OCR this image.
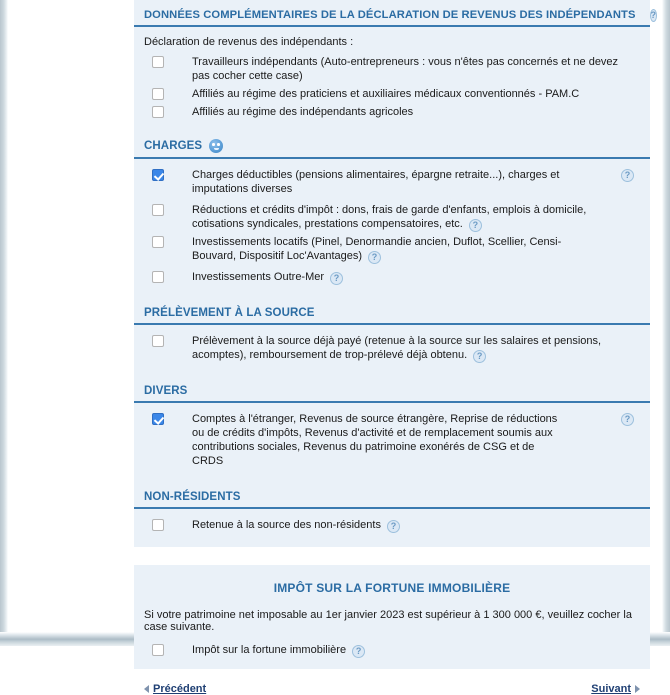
DONNÉES COMPLÉMENTAIRES DE LA DÉCLARATION DE REVENUS DES INDÉPENDANTS ?
Déclaration de revenus des indépendants :
Travailleurs indépendants (Auto-entrepreneurs : vous n'êtes pas concernés et ne devez pas cocher cette case)
Affiliés au régime des praticiens et auxiliaires médicaux conventionnés - PAM.C
Affiliés au régime des indépendants agricoles
CHARGES
Charges déductibles (pensions alimentaires, épargne retraite...), charges et imputations diverses
?
Réductions et crédits d'impôt : dons, frais de garde d'enfants, emplois à domicile, cotisations syndicales, prestations compensatoires, etc. ?
Investissements locatifs (Pinel, Denormandie ancien, Duflot, Scellier, Censi-Bouvard, Dispositif Loc'Avantages) ?
Investissements Outre-Mer ?
PRÉLÈVEMENT À LA SOURCE
Prélèvement à la source déjà payé (retenue à la source sur les salaires et pensions, acomptes), remboursement de trop-prélevé déjà obtenu. ?
DIVERS
Comptes à l'étranger, Revenus de source étrangère, Reprise de réductions ou de crédits d'impôts, Revenus d'activité et de remplacement soumis aux contributions sociales, Revenus du patrimoine exonérés de CSG et de CRDS
?
NON-RÉSIDENTS
Retenue à la source des non-résidents ?
IMPÔT SUR LA FORTUNE IMMOBILIÈRE
Si votre patrimoine net imposable au 1er janvier 2023 est supérieur à 1 300 000 €, veuillez cocher la case suivante.
Impôt sur la fortune immobilière ?
Précédent	Suivant
